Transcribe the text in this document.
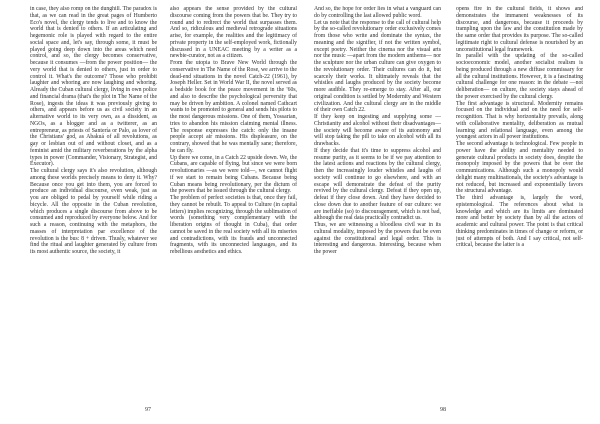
in case, they also romp on the dunghill. The paradox is that, as we can read in the great pages of Humberto Eco's novel, the clergy tends to live and to know the world that is denied to others. If an articulating and hegemonic role is played with regard to the entire social space and, let's say, through some, it must be played going deep down into the areas which need control, and so, the clergy becomes conservative, because it consumes —from the power position— the very world that is denied to others, just in order to control it. What's the outcome? Those who prohibit laughter and whoring are now laughing and whoring. Already the Cuban cultural clergy, living in own police and financial drama (that's the plot in The Name of the Rose), ingests the ideas it was previously giving to others, and appears before us as civil society in an alternative world to its very own, as a dissident, as NGOs, as a blogger and as a twitterer, as an entrepreneur, as priests of Santería or Palo, as lover of the Christians' god, as Abakuá of all revolutions, as gay or lesbian out of and without closet, and as a feminist amid the military reverberations by the alpha types in power (Commander, Visionary, Strategist, and Executor).

The cultural clergy says it's also revolution, although among these worlds precisely means to deny it. Why? Because once you get into them, you are forced to produce an individual discourse, even weak, just as you are obliged to pedal by yourself while riding a bicycle. All the opposite in the Cuban revolution, which produces a single discourse from above to be consumed and reproduced by everyone below. And for such a reason, continuing with the metaphors, the masses of interpretation par excellence of the revolution is the bus: 8 + driven. Thusly, whatever we find the ritual and laughter generated by culture from its most authentic source, the society, it

also appears the sense provided by the cultural discourse coming from the powers that be. They try to round and to redirect the world that surpasses them. And so, ridiculous and medieval retrograde situations arise, for example, the realities and the legitimacy of private property in the self-employed work, fictionally discussed in a UNEAC meeting by a writer as a newbie-curator, not as a citizen.

From the utopia to Brave New World through the conservative in The Name of the Rose, we arrive to the dead-end situations in the novel Catch-22 (1961), by Joseph Heller. Set in World War II, the novel served as a bedside book for the peace movement in the '60s, and also to describe the psychological perversity that may be driven by ambition. A colonel named Cathcart wants to be promoted to general and sends his pilots to the most dangerous missions. One of them, Yossarian, tries to abandon his mission claiming mental illness. The response expresses the catch: only the insane people accept air missions. His displeasure, on the contrary, showed that he was mentally sane; therefore, he can fly.

Up there we come, in a Catch 22 upside down. We, the Cubans, are capable of flying, but since we were born revolutionaries —as we were told—, we cannot flight if we start to remain being Cubans. Because being Cuban means being revolutionary, per the dictum of the powers that be issued through the cultural clergy.

The problem of perfect societies is that, once they fail, they cannot be rebuilt. To appeal to Culture (in capital letters) implies recognizing, through the sublimation of words (something very complementary with the liberation origins of thought in Cuba), that order cannot be saved in the real society with all its miseries and contradictions, with its frauds and unconnected fragments, with its unconnected languages, and its rebellious aesthetics and ethics.

97

And so, the hope for order lies in what a vanguard can do by controlling the last allowed public word.

Let us note that the response to the call of cultural help by the so-called revolutionary order exclusively comes from those who write and dominate the syntax, the meaning and the signifier, if not the written symbol, except poetry. Neither the cinema nor the visual arts nor the music —apart from the modern anthems— nor the sculpture nor the urban culture can give oxygen to the revolutionary order. Their cultures can do it, but scarcely their works. It ultimately reveals that the whistles and laughs produced by the society become more audible. They re-emerge to stay. After all, our original condition is settled by Modernity and Western civilization. And the cultural clergy are in the middle of their own Catch 22.

If they keep on ingesting and supplying some —Christianity and alcohol without their disadvantages— the society will become aware of its autonomy and will stop taking the pill to take on alcohol with all its drawbacks.

If they decide that it's time to suppress alcohol and resume purity, as it seems to be if we pay attention to the latest actions and reactions by the cultural clergy, then the increasingly louder whistles and laughs of society will continue to go elsewhere, and with an escape will demonstrate the defeat of the purity revived by the cultural clergy. Defeat if they open up, defeat if they close down. And they have decided to close down due to another feature of our culture: we are ineffable (so) to discouragement, which is not bad, although the real data practically contradict us.

Thus, we are witnessing a bloodless civil war in its cultural modality, imposed by the powers that be even against the constitutional and legal order. This is interesting and dangerous. Interesting, because when the power

opens fire in the cultural fields, it shows and demonstrates the immanent weaknesses of its discourse, and dangerous, because it proceeds by trampling upon the law and the constitution made by the same order that provides its purpose. The so-called legitimate right to cultural defense is nourished by an unconstitutional legal framework.

In parallel with the updating of the so-called socioeconomic model, another socialist realism is being produced through a new diffuse commissary for all the cultural institutions. However, it is a fascinating cultural challenge for one reason: in the debate —not deliberation— on culture, the society stays ahead of the power exercised by the cultural clergy.

The first advantage is structural. Modernity remains focused on the individual and on the need for self-recognition. That is why horizontality prevails, along with collaborative mentality, deliberation as mutual learning and relational language, even among the youngest actors in all power institutions.

The second advantage is technological. Few people in power have the ability and mentality needed to generate cultural products in society does, despite the monopoly imposed by the powers that be over the communications. Although such a monopoly would delight many multinationals, the society's advantage is not reduced, but increased and exponentially favors the structural advantage.

The third advantage is, largely the word, epistemological. The references about what is knowledge and which are its limits are dominated more and better by society than by all the actors of academic and cultural power. The point is that critical thinking predominates in times of change or reform, or just of attempts of both. And I say critical, not self-critical, because the latter is a

98
